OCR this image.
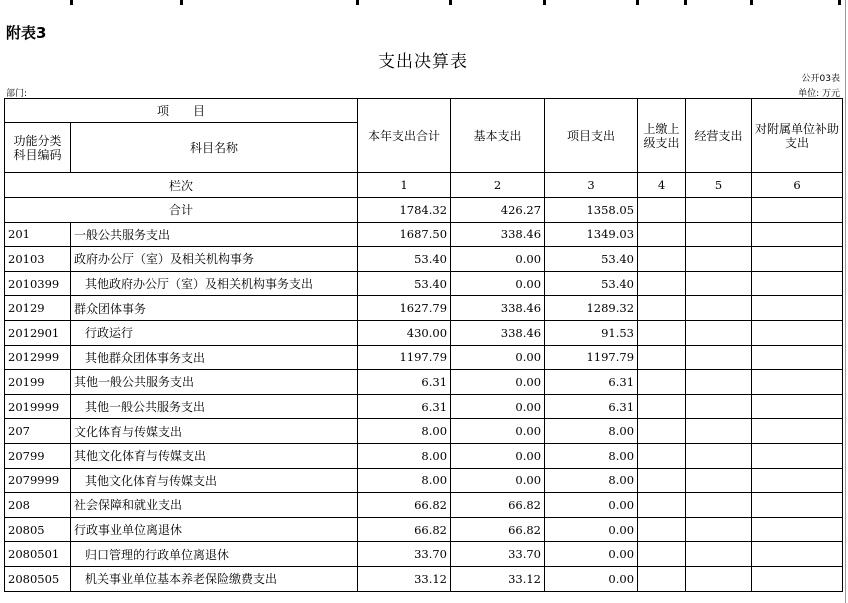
附表3
支出决算表
公开03表
部门:	单位: 万元
项　　目		本年支出合计	基本支出	项目支出	上缴上级支出	经营支出	对附属单位补助支出
功能分类科目编码	科目名称						
栏次		1	2	3	4	5	6
合计		1784.32	426.27	1358.05			
201	一般公共服务支出	1687.50	338.46	1349.03			
20103	政府办公厅（室）及相关机构事务	53.40	0.00	53.40			
2010399	其他政府办公厅（室）及相关机构事务支出	53.40	0.00	53.40			
20129	群众团体事务	1627.79	338.46	1289.32			
2012901	行政运行	430.00	338.46	91.53			
2012999	其他群众团体事务支出	1197.79	0.00	1197.79			
20199	其他一般公共服务支出	6.31	0.00	6.31			
2019999	其他一般公共服务支出	6.31	0.00	6.31			
207	文化体育与传媒支出	8.00	0.00	8.00			
20799	其他文化体育与传媒支出	8.00	0.00	8.00			
2079999	其他文化体育与传媒支出	8.00	0.00	8.00			
208	社会保障和就业支出	66.82	66.82	0.00			
20805	行政事业单位离退休	66.82	66.82	0.00			
2080501	归口管理的行政单位离退休	33.70	33.70	0.00			
2080505	机关事业单位基本养老保险缴费支出	33.12	33.12	0.00			
